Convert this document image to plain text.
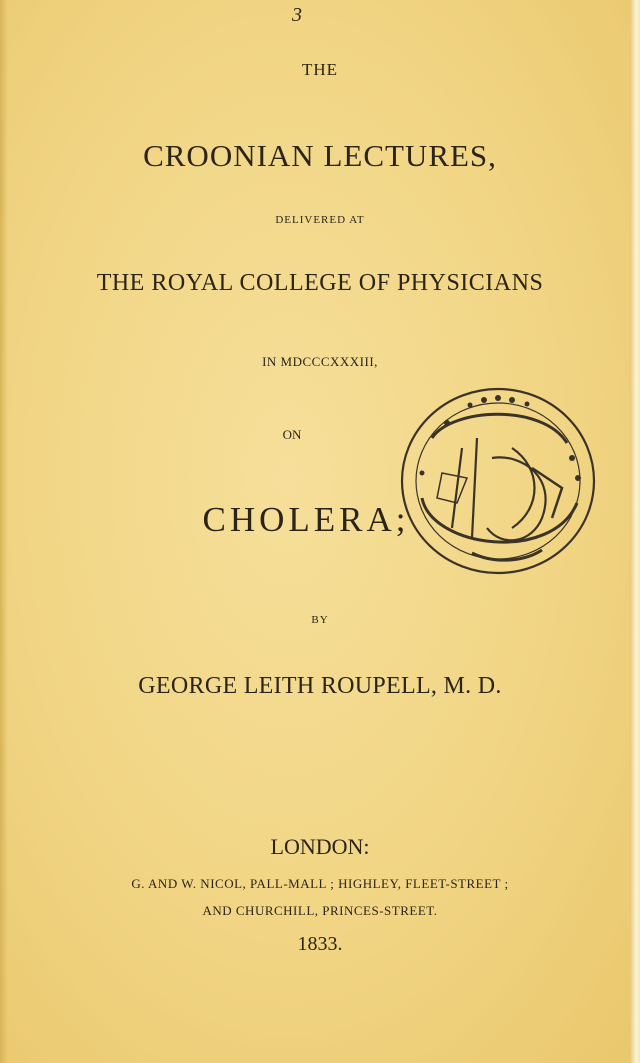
3
THE
CROONIAN LECTURES,
DELIVERED AT
THE ROYAL COLLEGE OF PHYSICIANS
IN MDCCCXXXIII,
ON
CHOLERA;
BY
GEORGE LEITH ROUPELL, M. D.
LONDON:
G. AND W. NICOL, PALL-MALL ; HIGHLEY, FLEET-STREET ;
AND CHURCHILL, PRINCES-STREET.
1833.
